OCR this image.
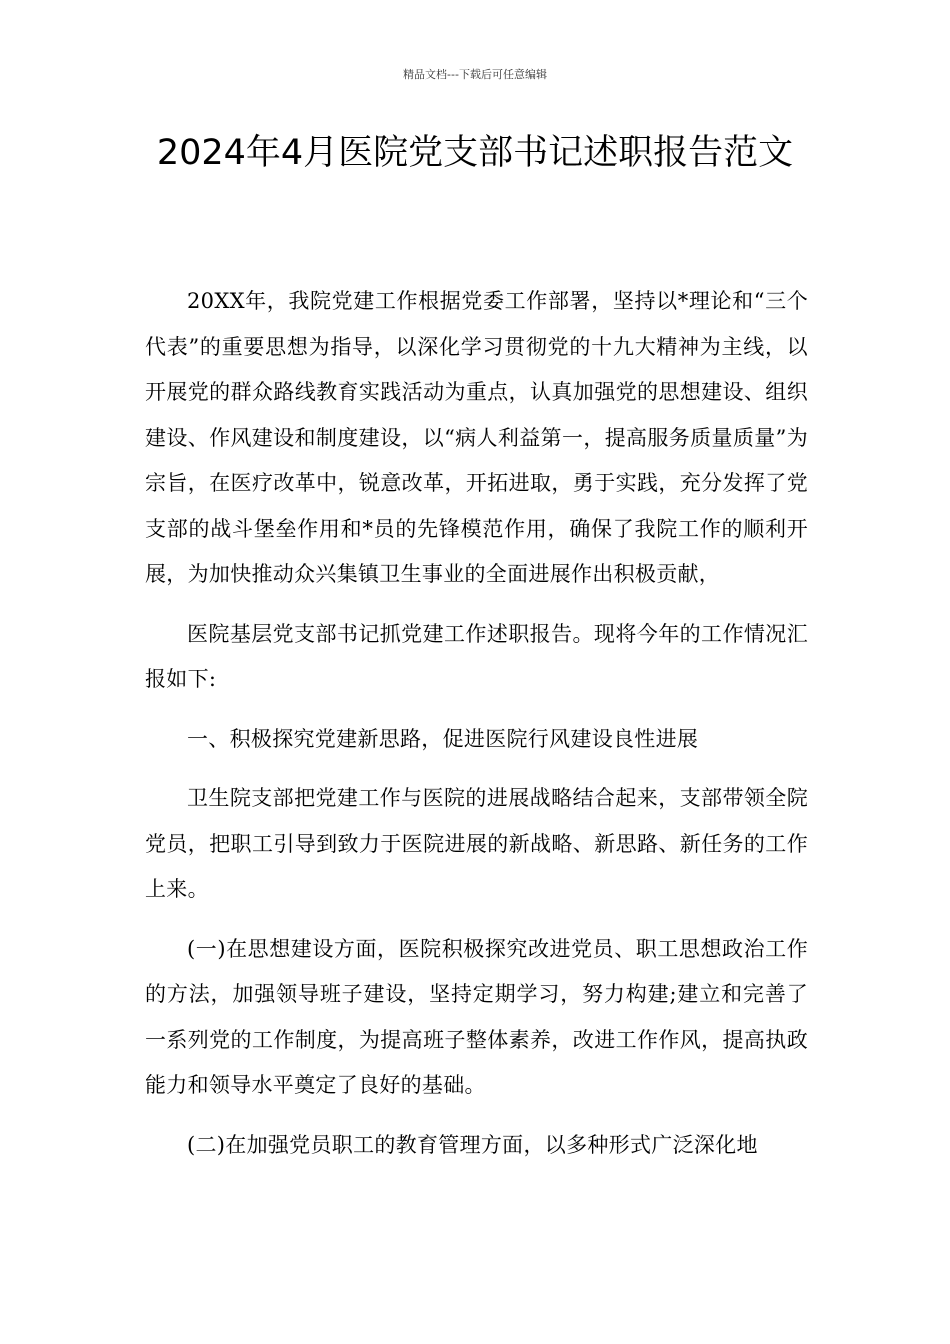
精品文档---下载后可任意编辑
2024年4月医院党支部书记述职报告范文

20XX年，我院党建工作根据党委工作部署，坚持以*理论和“三个代表”的重要思想为指导，以深化学习贯彻党的十九大精神为主线，以开展党的群众路线教育实践活动为重点，认真加强党的思想建设、组织建设、作风建设和制度建设，以“病人利益第一，提高服务质量质量”为宗旨，在医疗改革中，锐意改革，开拓进取，勇于实践，充分发挥了党支部的战斗堡垒作用和*员的先锋模范作用，确保了我院工作的顺利开展，为加快推动众兴集镇卫生事业的全面进展作出积极贡献，

医院基层党支部书记抓党建工作述职报告。现将今年的工作情况汇报如下:

一、积极探究党建新思路，促进医院行风建设良性进展

卫生院支部把党建工作与医院的进展战略结合起来，支部带领全院党员，把职工引导到致力于医院进展的新战略、新思路、新任务的工作上来。

(一)在思想建设方面，医院积极探究改进党员、职工思想政治工作的方法，加强领导班子建设，坚持定期学习，努力构建;建立和完善了一系列党的工作制度，为提高班子整体素养，改进工作作风，提高执政能力和领导水平奠定了良好的基础。

(二)在加强党员职工的教育管理方面，以多种形式广泛深化地
